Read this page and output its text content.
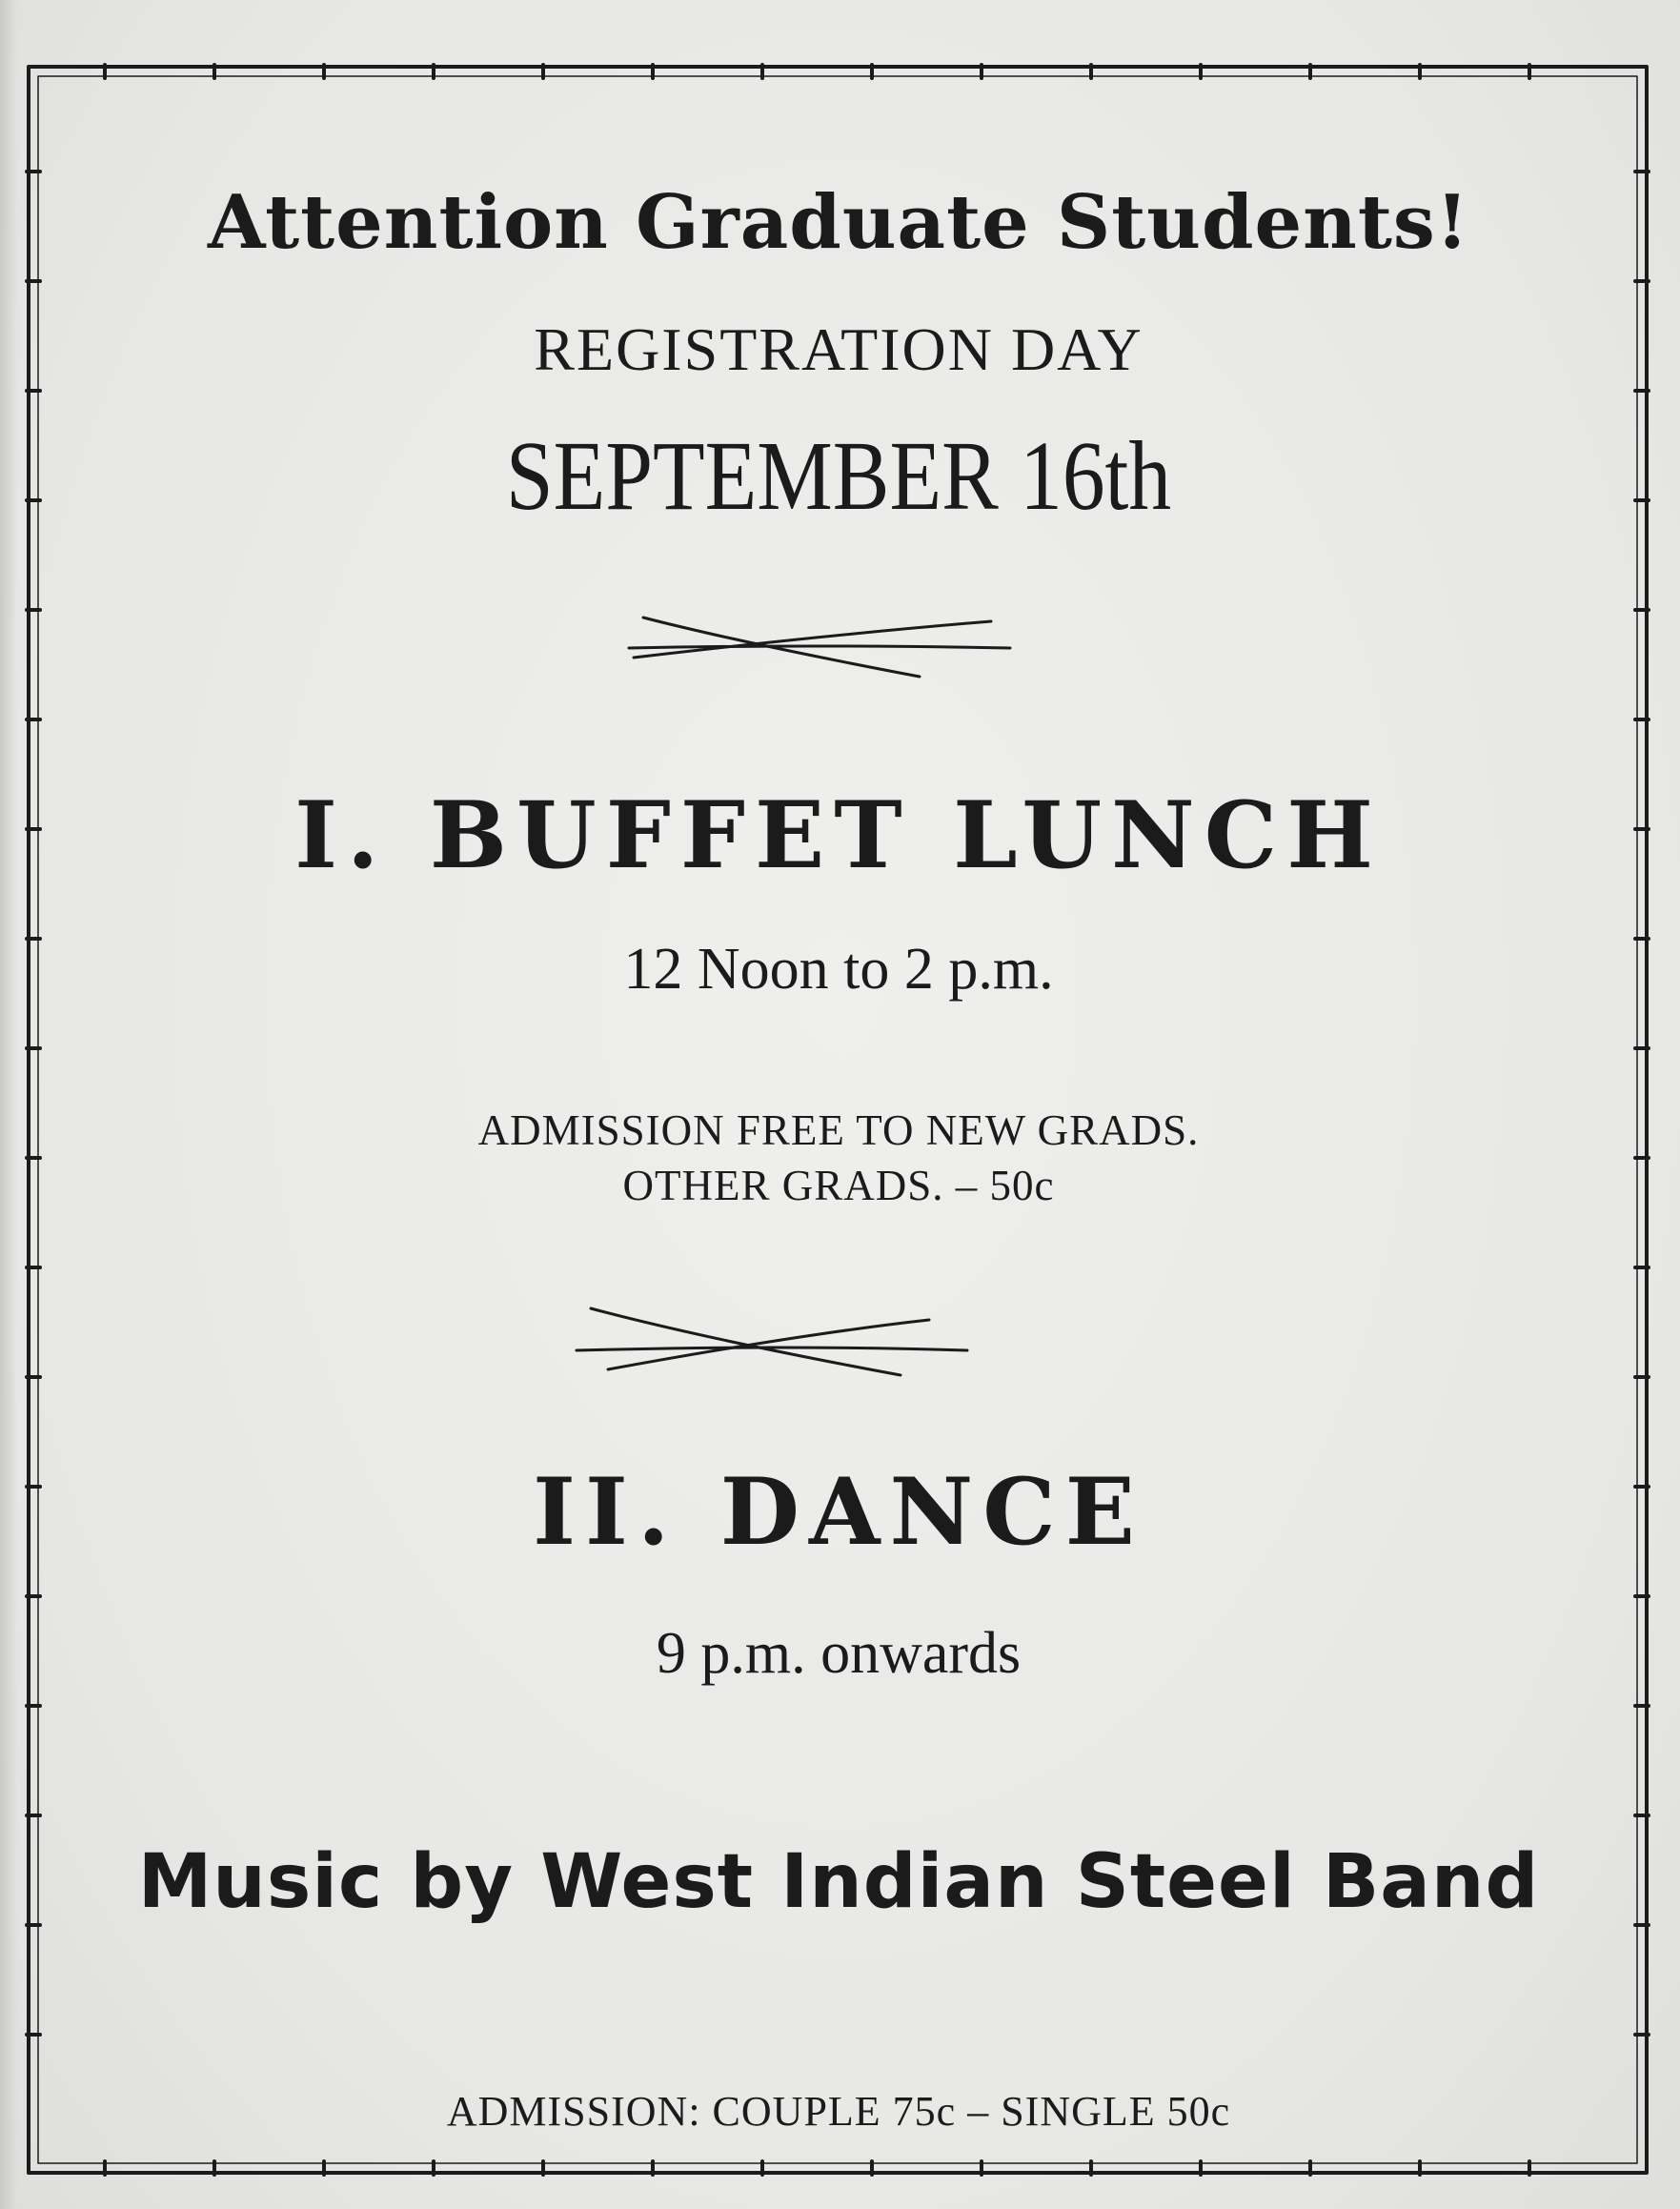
Attention Graduate Students!
REGISTRATION DAY
SEPTEMBER 16th
I. BUFFET LUNCH
12 Noon to 2 p.m.
ADMISSION FREE TO NEW GRADS.
OTHER GRADS. – 50c
II. DANCE
9 p.m. onwards
Music by West Indian Steel Band
ADMISSION: COUPLE 75c – SINGLE 50c
